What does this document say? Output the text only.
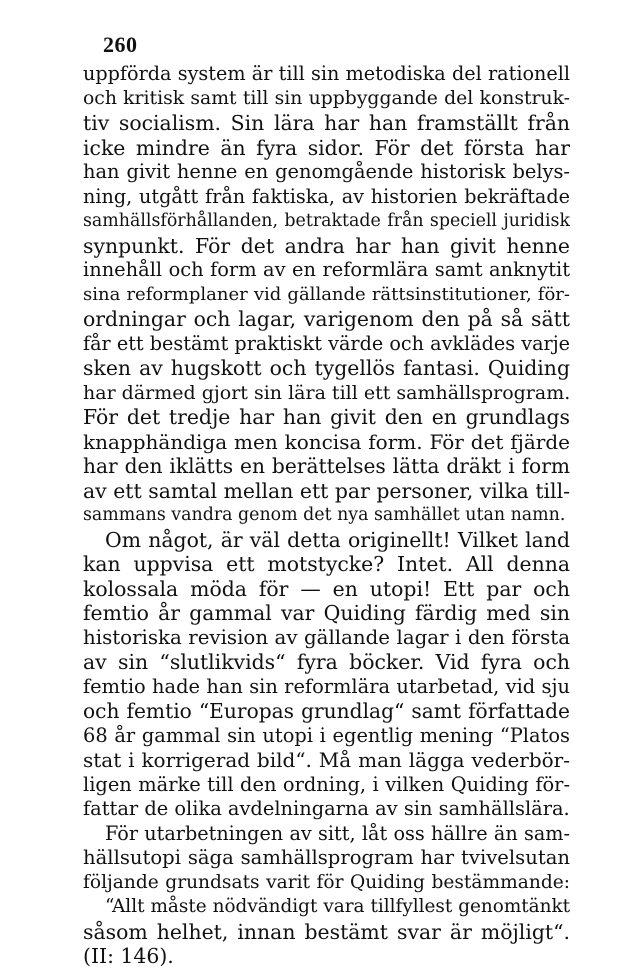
260
uppförda system är till sin metodiska del rationell
och kritisk samt till sin uppbyggande del konstruk-
tiv socialism. Sin lära har han framställt från
icke mindre än fyra sidor. För det första har
han givit henne en genomgående historisk belys-
ning, utgått från faktiska, av historien bekräftade
samhällsförhållanden, betraktade från speciell juridisk
synpunkt. För det andra har han givit henne
innehåll och form av en reformlära samt anknytit
sina reformplaner vid gällande rättsinstitutioner, för-
ordningar och lagar, varigenom den på så sätt
får ett bestämt praktiskt värde och avklädes varje
sken av hugskott och tygellös fantasi. Quiding
har därmed gjort sin lära till ett samhällsprogram.
För det tredje har han givit den en grundlags
knapphändiga men koncisa form. För det fjärde
har den iklätts en berättelses lätta dräkt i form
av ett samtal mellan ett par personer, vilka till-
sammans vandra genom det nya samhället utan namn.
Om något, är väl detta originellt! Vilket land
kan uppvisa ett motstycke? Intet. All denna
kolossala möda för — en utopi! Ett par och
femtio år gammal var Quiding färdig med sin
historiska revision av gällande lagar i den första
av sin “slutlikvids“ fyra böcker. Vid fyra och
femtio hade han sin reformlära utarbetad, vid sju
och femtio “Europas grundlag“ samt författade
68 år gammal sin utopi i egentlig mening “Platos
stat i korrigerad bild“. Må man lägga vederbör-
ligen märke till den ordning, i vilken Quiding för-
fattar de olika avdelningarna av sin samhällslära.
För utarbetningen av sitt, låt oss hällre än sam-
hällsutopi säga samhällsprogram har tvivelsutan
följande grundsats varit för Quiding bestämmande:
“Allt måste nödvändigt vara tillfyllest genomtänkt
såsom helhet, innan bestämt svar är möjligt“.
(II: 146).
